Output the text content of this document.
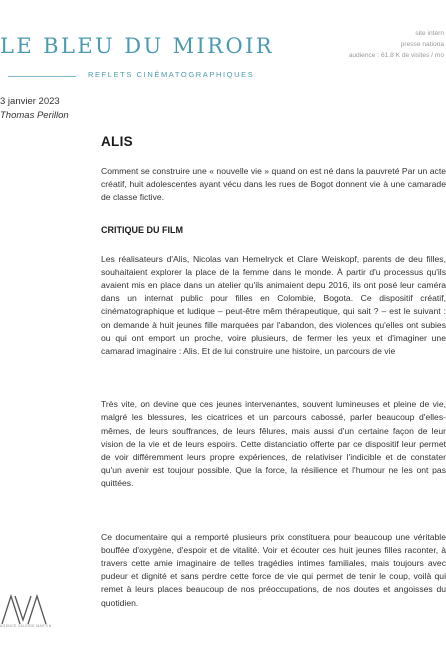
LE BLEU DU MIROIR
REFLETS CINÉMATOGRAPHIQUES
site intern
presse nationa
audience : 61.8 K de visites / mo
3 janvier 2023
Thomas Perillon
ALIS

Comment se construire une « nouvelle vie » quand on est né dans la pauvreté Par un acte créatif, huit adolescentes ayant vécu dans les rues de Bogot donnent vie à une camarade de classe fictive.

CRITIQUE DU FILM

Les réalisateurs d'Alis, Nicolas van Hemelryck et Clare Weiskopf, parents de deu filles, souhaitaient explorer la place de la femme dans le monde. À partir d'u processus qu'ils avaient mis en place dans un atelier qu'ils animaient depu 2016, ils ont posé leur caméra dans un internat public pour filles en Colombie, Bogota. Ce dispositif créatif, cinématographique et ludique – peut-être mêm thérapeutique, qui sait ? – est le suivant : on demande à huit jeunes fille marquées par l'abandon, des violences qu'elles ont subies ou qui ont emport un proche, voire plusieurs, de fermer les yeux et d'imaginer une camarad imaginaire : Alis. Et de lui construire une histoire, un parcours de vie

Très vite, on devine que ces jeunes intervenantes, souvent lumineuses et pleine de vie, malgré les blessures, les cicatrices et un parcours cabossé, parler beaucoup d'elles-mêmes, de leurs souffrances, de leurs fêlures, mais aussi d'un certaine façon de leur vision de la vie et de leurs espoirs. Cette distanciatio offerte par ce dispositif leur permet de voir différemment leurs propre expériences, de relativiser l'indicible et de constater qu'un avenir est toujour possible. Que la force, la résilience et l'humour ne les ont pas quittées.

Ce documentaire qui a remporté plusieurs prix constituera pour beaucoup une véritable bouffée d'oxygène, d'espoir et de vitalité. Voir et écouter ces huit jeunes filles raconter, à travers cette amie imaginaire de telles tragédies intimes familiales, mais toujours avec pudeur et dignité et sans perdre cette force de vie qui permet de tenir le coup, voilà qui remet à leurs places beaucoup de nos préoccupations, de nos doutes et angoisses du quotidien.

AGENCE VALÉRIE MARTIN
